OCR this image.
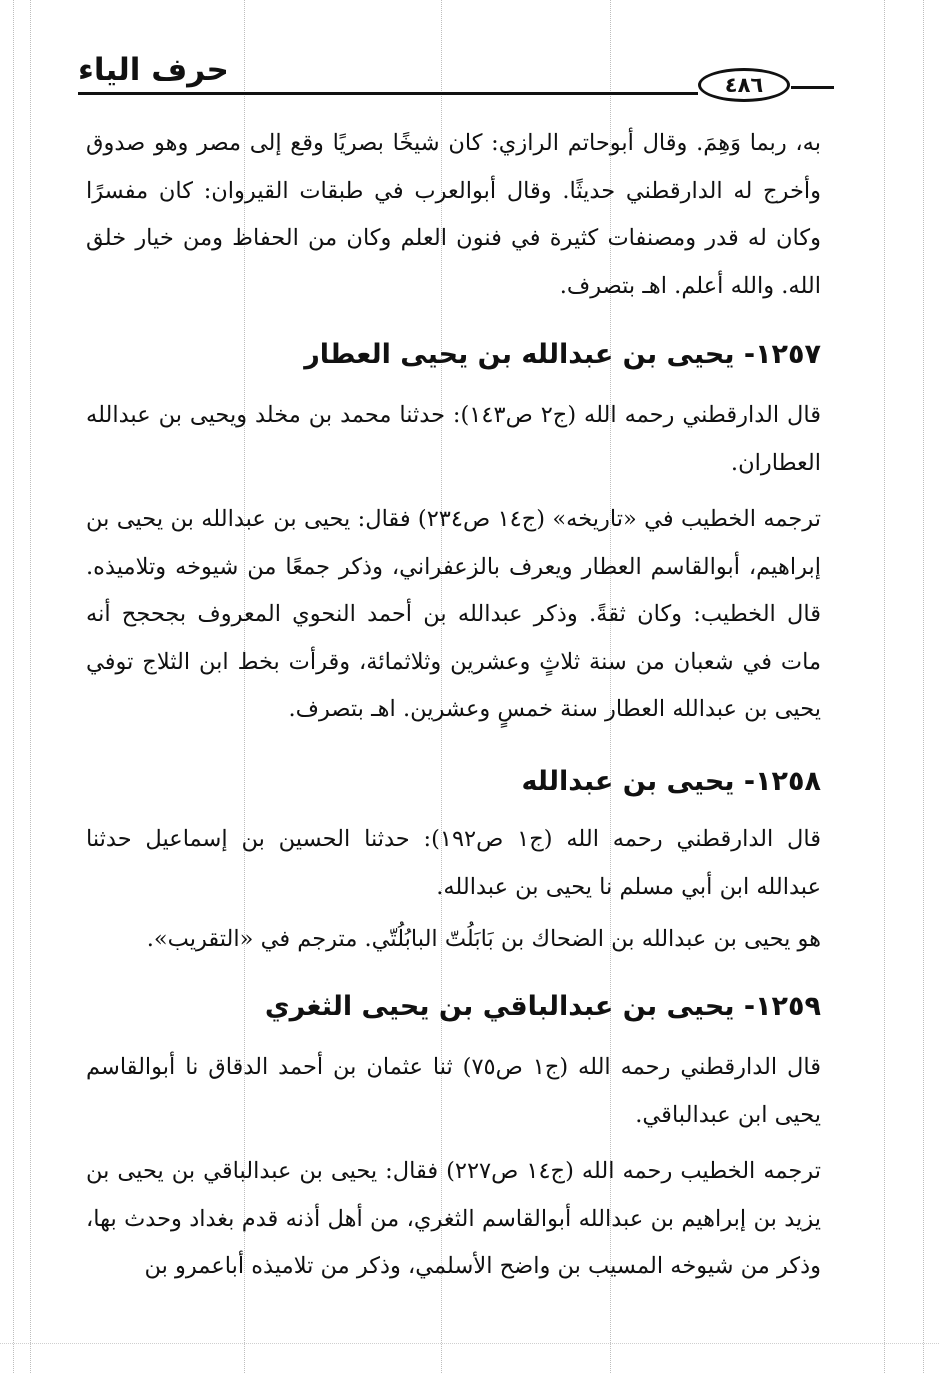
حرف الياء	٤٨٦

به، ربما وَهِمَ. وقال أبوحاتم الرازي: كان شيخًا بصريًا وقع إلى مصر وهو صدوق وأخرج له الدارقطني حديثًا. وقال أبوالعرب في طبقات القيروان: كان مفسرًا وكان له قدر ومصنفات كثيرة في فنون العلم وكان من الحفاظ ومن خيار خلق الله. والله أعلم. اهـ بتصرف.

١٢٥٧- يحيى بن عبدالله بن يحيى العطار

قال الدارقطني رحمه الله (ج٢ ص١٤٣): حدثنا محمد بن مخلد ويحيى بن عبدالله العطاران.

ترجمه الخطيب في «تاريخه» (ج١٤ ص٢٣٤) فقال: يحيى بن عبدالله بن يحيى بن إبراهيم، أبوالقاسم العطار ويعرف بالزعفراني، وذكر جمعًا من شيوخه وتلاميذه. قال الخطيب: وكان ثقةً. وذكر عبدالله بن أحمد النحوي المعروف بجحجح أنه مات في شعبان من سنة ثلاثٍ وعشرين وثلاثمائة، وقرأت بخط ابن الثلاج توفي يحيى بن عبدالله العطار سنة خمسٍ وعشرين. اهـ بتصرف.

١٢٥٨- يحيى بن عبدالله

قال الدارقطني رحمه الله (ج١ ص١٩٢): حدثنا الحسين بن إسماعيل حدثنا عبدالله ابن أبي مسلم نا يحيى بن عبدالله.

هو يحيى بن عبدالله بن الضحاك بن بَابَلُتّ البابُلُتّي. مترجم في «التقريب».

١٢٥٩- يحيى بن عبدالباقي بن يحيى الثغري

قال الدارقطني رحمه الله (ج١ ص٧٥) ثنا عثمان بن أحمد الدقاق نا أبوالقاسم يحيى ابن عبدالباقي.

ترجمه الخطيب رحمه الله (ج١٤ ص٢٢٧) فقال: يحيى بن عبدالباقي بن يحيى بن يزيد بن إبراهيم بن عبدالله أبوالقاسم الثغري، من أهل أذنه قدم بغداد وحدث بها، وذكر من شيوخه المسيب بن واضح الأسلمي، وذكر من تلاميذه أباعمرو بن
